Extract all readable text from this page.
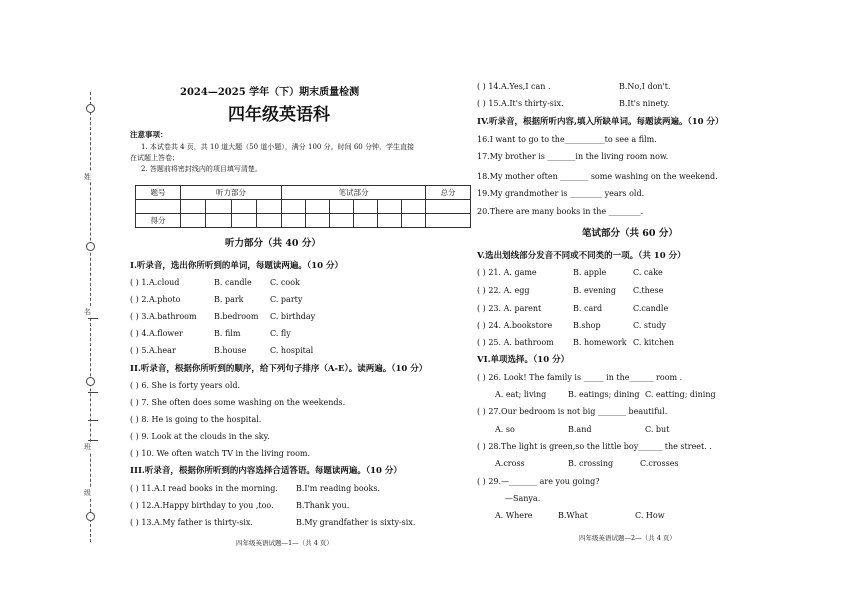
姓
名
班
级
2024—2025 学年（下）期末质量检测
四年级英语科
注意事项：
1. 本试卷共 4 页，共 10 道大题（50 道小题），满分 100 分。时间 60 分钟，学生直接
在试题上答卷；
2. 答题前将密封线内的项目填写清楚。
题号	听力部分				笔试部分						总分

得分											
听力部分（共 40 分）
I.听录音，选出你所听到的单词，每题读两遍。（10 分）
( ) 1.A.cloud	B. candle C. cook
( ) 2.A.photo	B. park	C. party
( ) 3.A.bathroom B.bedroom C. birthday
( ) 4.A.flower	B. film	C. fly
( ) 5.A.hear	B.house	C. hospital
II.听录音，根据你所听到的顺序，给下列句子排序（A-E）。读两遍。（10 分）
( ) 6. She is forty years old.
( ) 7. She often does some washing on the weekends.
( ) 8. He is going to the hospital.
( ) 9. Look at the clouds in the sky.
( ) 10. We often watch TV in the living room.
III.听录音，根据你所听到的内容选择合适答语。每题读两遍。（10 分）
( ) 11.A.I read books in the morning. B.I'm reading books.
( ) 12.A.Happy birthday to you ,too.	B.Thank you.
( ) 13.A.My father is thirty-six.	B.My grandfather is sixty-six.
四年级英语试题—1—（共 4 页）
( ) 14.A.Yes,I can .	B.No,I don't.
( ) 15.A.It's thirty-six.	B.It's ninety.
IV.听录音，根据所听内容,填入所缺单词。每题读两遍。（10 分）
16.I want to go to the__________to see a film.
17.My brother is _______in the living room now.
18.My mother often _______ some washing on the weekend.
19.My grandmother is ________ years old.
20.There are many books in the ________.
笔试部分（共 60 分）
V.选出划线部分发音不同或不同类的一项。（共 10 分）
( ) 21. A. game	B. apple	C. cake
( ) 22. A. egg	B. evening C.these
( ) 23. A. parent	B. card	C.candle
( ) 24. A.bookstore	B.shop	C. study
( ) 25. A. bathroom B. homework C. kitchen
VI.单项选择。（10 分）
( ) 26. Look! The family is _____ in the______ room .
A. eat; living	B. eatings; dining C. eatting; dining
( ) 27.Our bedroom is not big _______ beautiful.
A. so	B.and	C. but
( ) 28.The light is green,so the little boy______ the street. .
A.cross	B. crossing	C.crosses
( ) 29.—_______ are you going?
—Sanya.
A. Where	B.What	C. How
四年级英语试题—2—（共 4 页）
